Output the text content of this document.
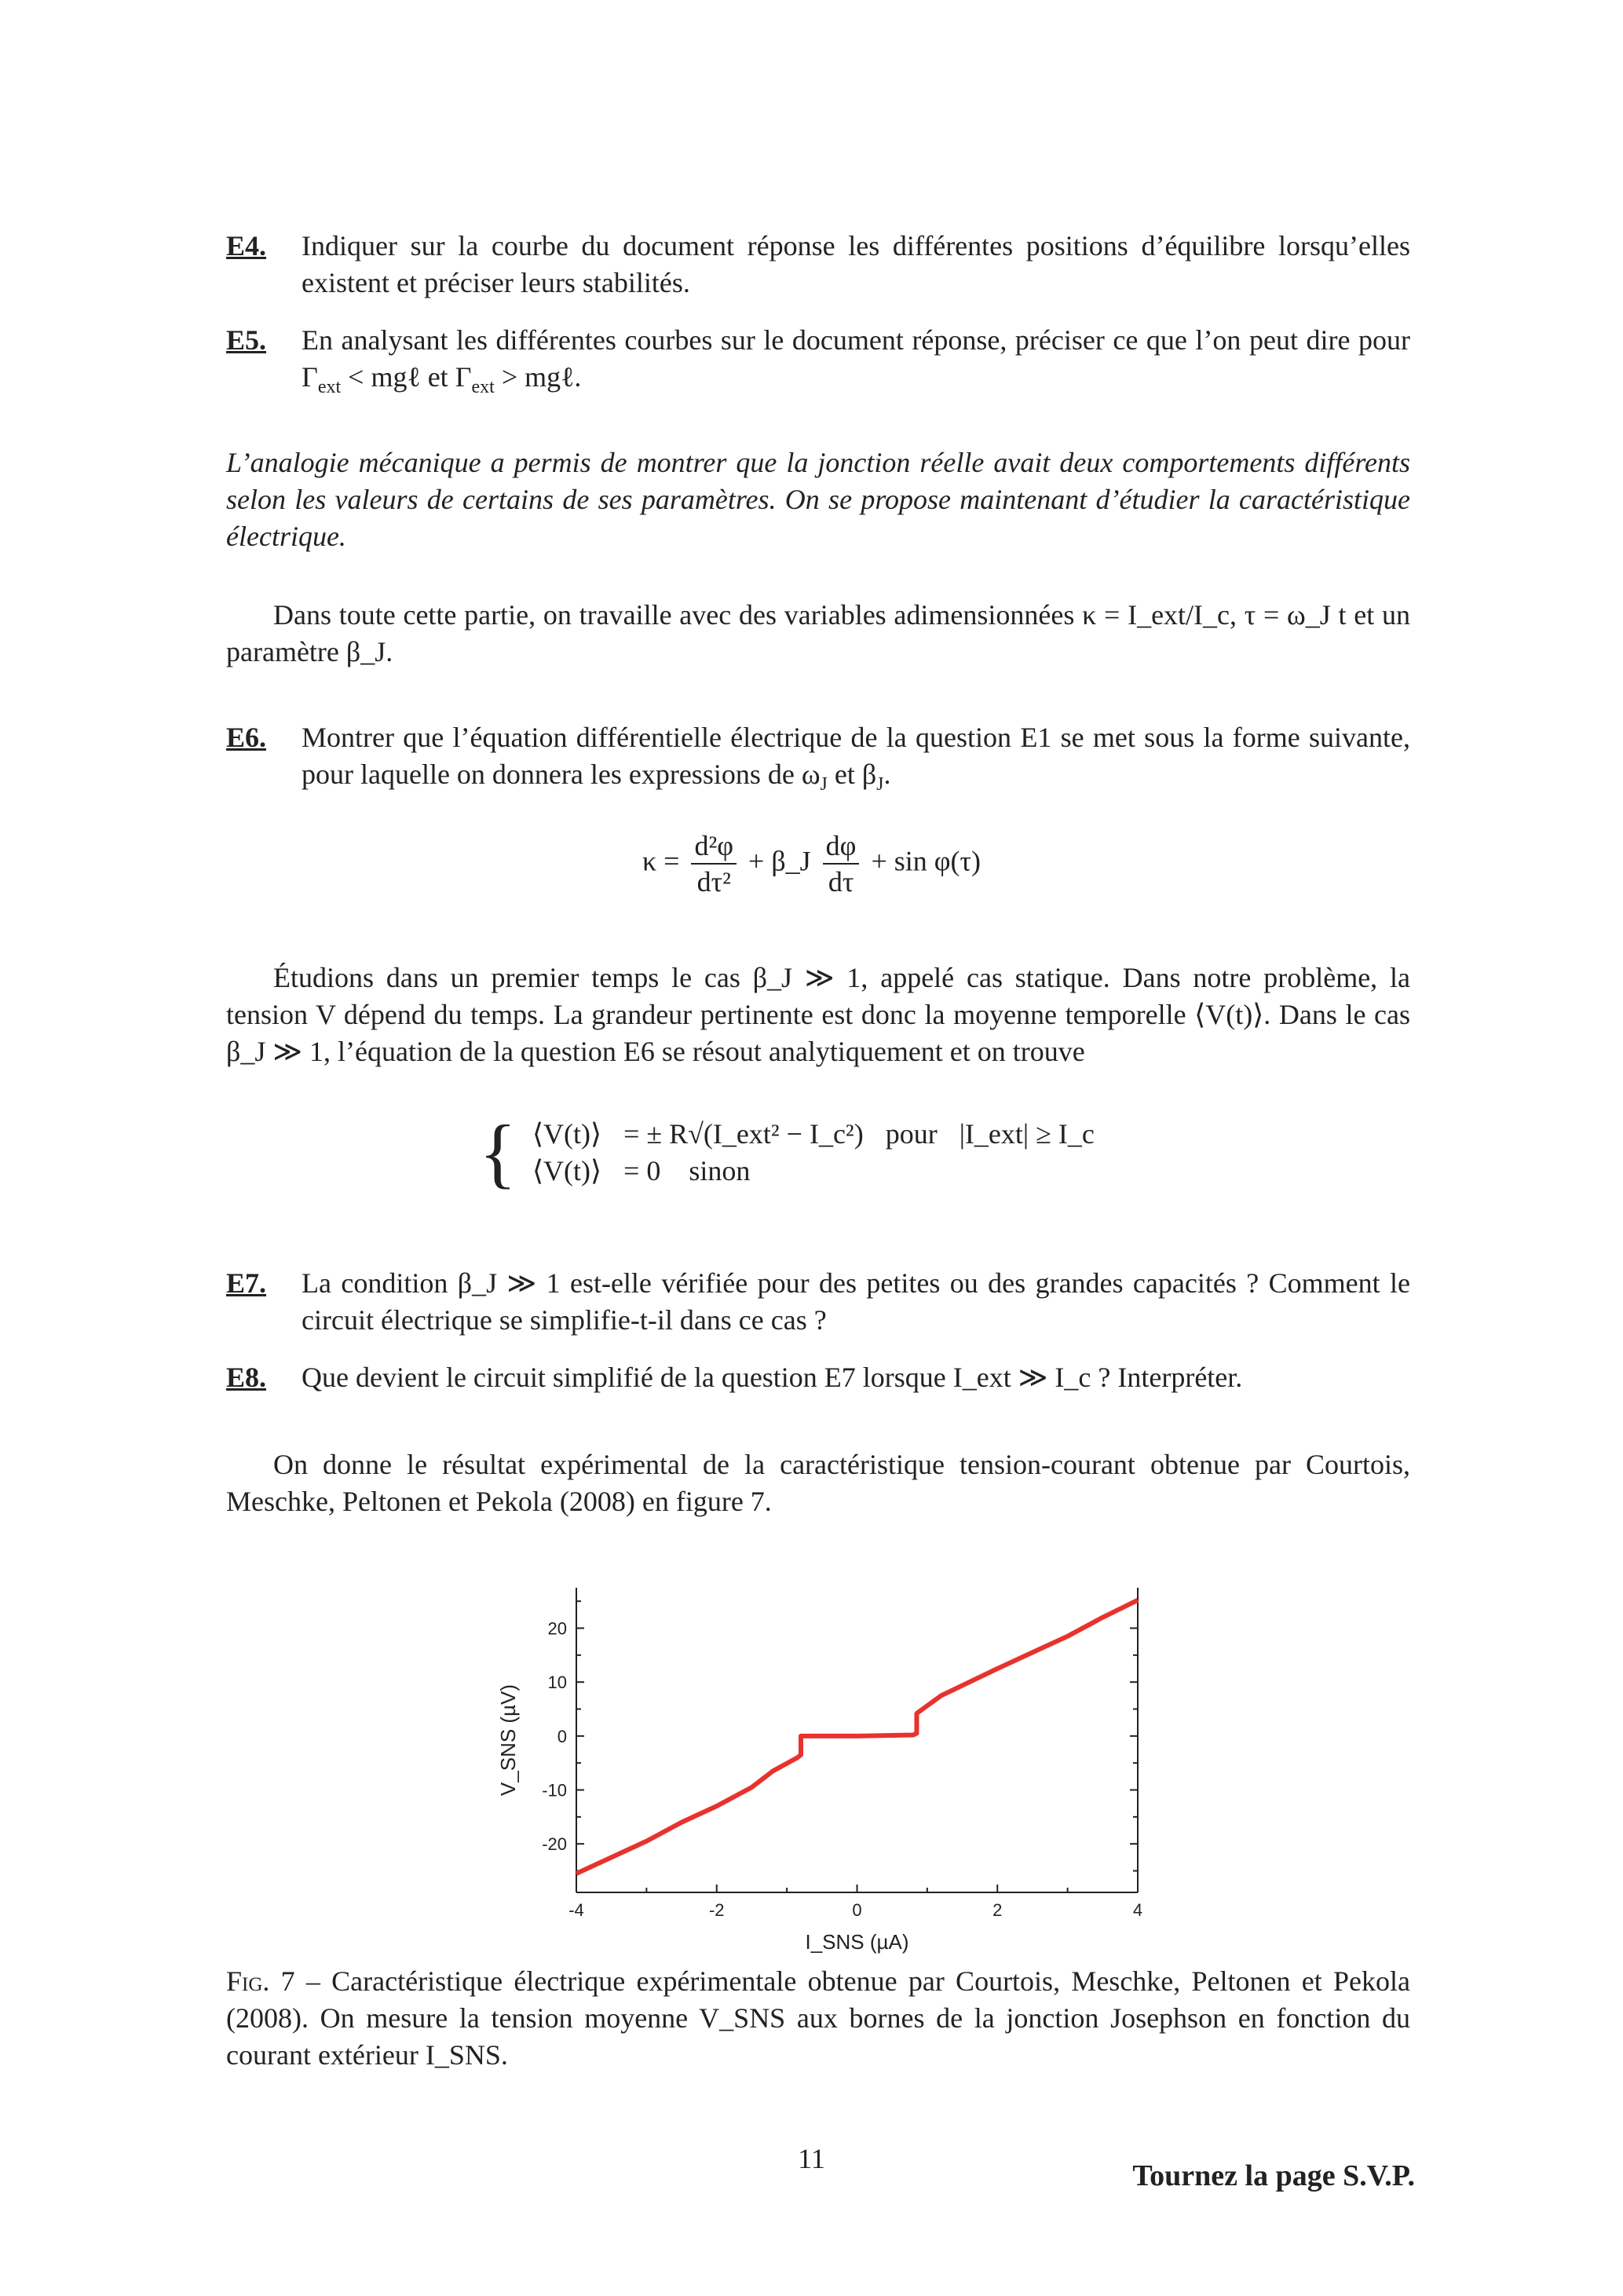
E4.	Indiquer sur la courbe du document réponse les différentes positions d’équilibre lorsqu’elles existent et préciser leurs stabilités.
E5.	En analysant les différentes courbes sur le document réponse, préciser ce que l’on peut dire pour $\Gamma_{ext}$ < mgℓ et $\Gamma_{ext}$ > mgℓ.
L’analogie mécanique a permis de montrer que la jonction réelle avait deux comportements différents selon les valeurs de certains de ses paramètres. On se propose maintenant d’étudier la caractéristique électrique.
Dans toute cette partie, on travaille avec des variables adimensionnées κ = I_ext/I_c, τ = ω_J t et un paramètre β_J.
E6.	Montrer que l’équation différentielle électrique de la question E1 se met sous la forme suivante, pour laquelle on donnera les expressions de $\omega_J$ et $\beta_J$.
$\kappa = \frac{\text{d²φ}}{\text{dτ²}}$ + β_J $\frac{d\varphi}{d\tau} + \sin \varphi(\tau)$
Étudions dans un premier temps le cas β_J ≫ 1, appelé cas statique. Dans notre problème, la tension V dépend du temps. La grandeur pertinente est donc la moyenne temporelle ⟨V(t)⟩. Dans le cas β_J ≫ 1, l’équation de la question E6 se résout analytiquement et on trouve
{ ⟨V(t)⟩	= ± R√(I_ext² − I_c²)	pour	|I_ext| ≥ I_c
⟨V(t)⟩	= 0 sinon		
E7.	La condition β_J ≫ 1 est-elle vérifiée pour des petites ou des grandes capacités ? Comment le circuit électrique se simplifie-t-il dans ce cas ?
E8.	Que devient le circuit simplifié de la question E7 lorsque I_ext ≫ I_c ? Interpréter.
On donne le résultat expérimental de la caractéristique tension-courant obtenue par Courtois, Meschke, Peltonen et Pekola (2008) en figure 7.
-4	-2	0	2	4
20
10
0
-10
-20
I_SNS (µA)
V_SNS (µV)
Fig. 7 – Caractéristique électrique expérimentale obtenue par Courtois, Meschke, Peltonen et Pekola (2008). On mesure la tension moyenne V_SNS aux bornes de la jonction Josephson en fonction du courant extérieur I_SNS.
11
Tournez la page S.V.P.
